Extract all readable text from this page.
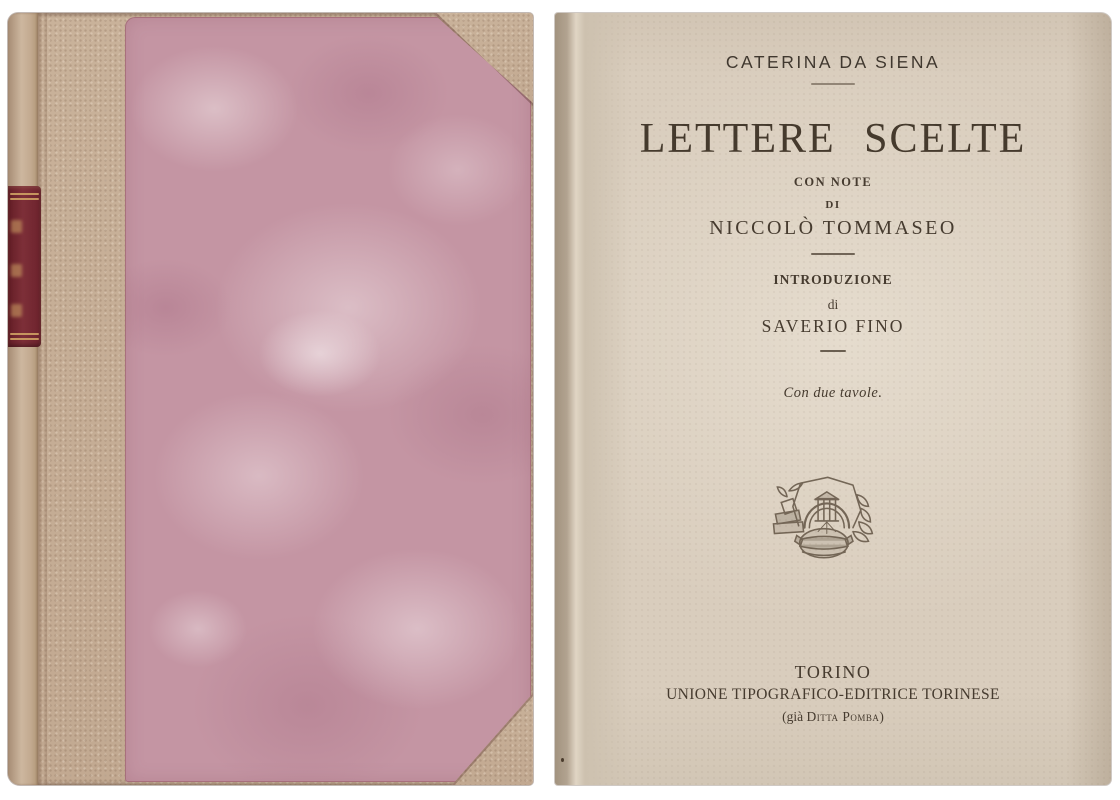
CATERINA DA SIENA
LETTERE SCELTE
CON NOTE
DI
NICCOLÒ TOMMASEO
INTRODUZIONE
di
SAVERIO FINO
Con due tavole.
TORINO
UNIONE TIPOGRAFICO-EDITRICE TORINESE
(già Ditta Pomba)
